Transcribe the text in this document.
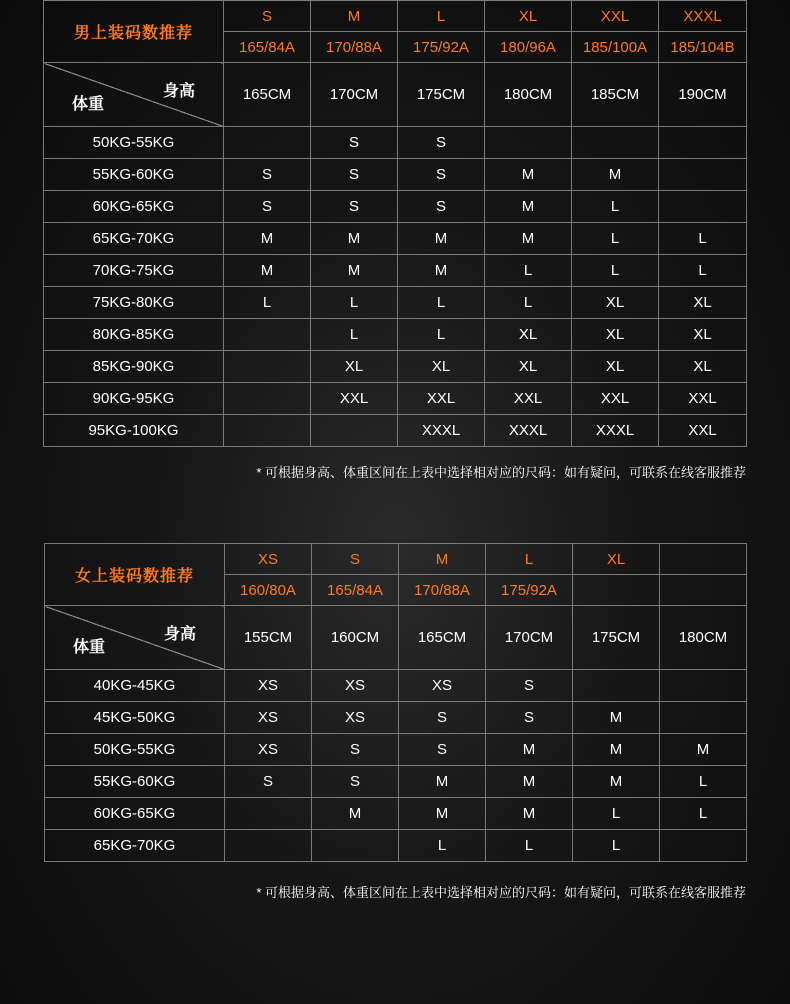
男上装码数推荐	S	M	L	XL	XXL	XXXL
	165/84A	170/88A	175/92A	180/96A	185/100A	185/104B

身高
体重	165CM	170CM	175CM	180CM	185CM	190CM
50KG-55KG		S	S			
55KG-60KG	S	S	S	M	M	
60KG-65KG	S	S	S	M	L	
65KG-70KG	M	M	M	M	L	L
70KG-75KG	M	M	M	L	L	L
75KG-80KG	L	L	L	L	XL	XL
80KG-85KG		L	L	XL	XL	XL
85KG-90KG		XL	XL	XL	XL	XL
90KG-95KG		XXL	XXL	XXL	XXL	XXL
95KG-100KG			XXXL	XXXL	XXXL	XXL
* 可根据身高、体重区间在上表中选择相对应的尺码：如有疑问，可联系在线客服推荐
女上装码数推荐	XS	S	M	L	XL	
	160/80A	165/84A	170/88A	175/92A		

身高
体重	155CM	160CM	165CM	170CM	175CM	180CM
40KG-45KG	XS	XS	XS	S		
45KG-50KG	XS	XS	S	S	M	
50KG-55KG	XS	S	S	M	M	M
55KG-60KG	S	S	M	M	M	L
60KG-65KG		M	M	M	L	L
65KG-70KG			L	L	L	
* 可根据身高、体重区间在上表中选择相对应的尺码：如有疑问，可联系在线客服推荐
